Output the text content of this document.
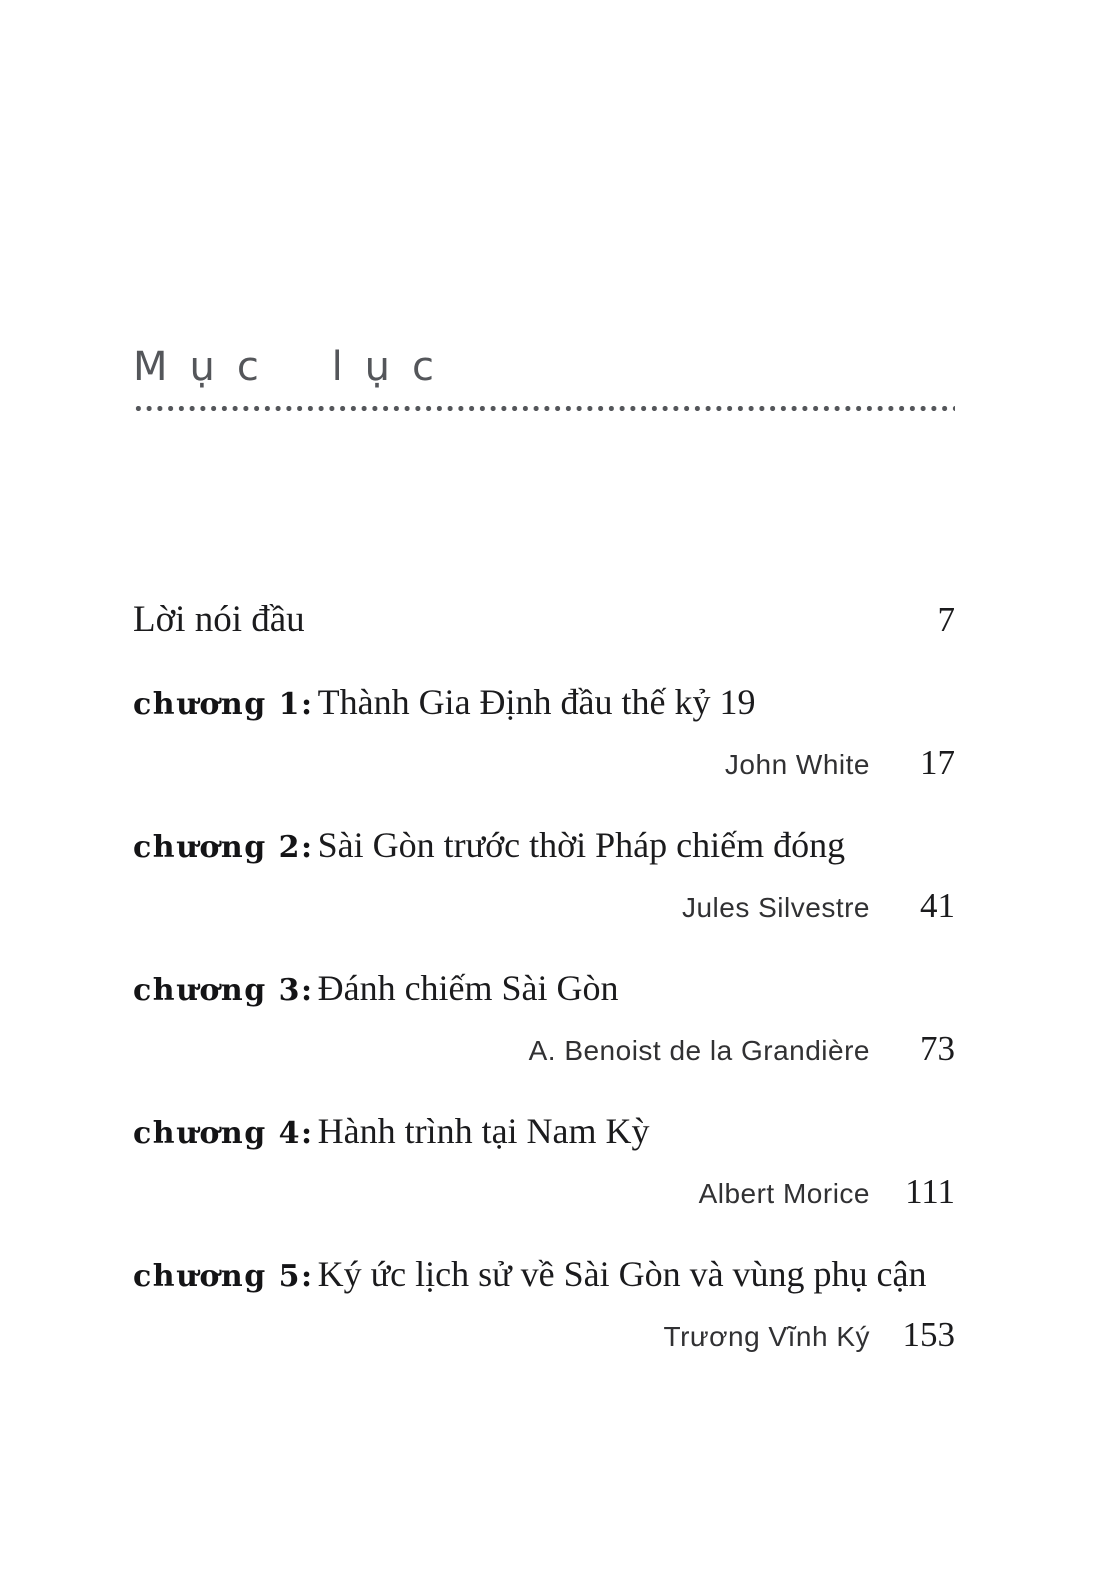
Mục lục
Lời nói đầu	7
chương 1: Thành Gia Định đầu thế kỷ 19
John White	17
chương 2: Sài Gòn trước thời Pháp chiếm đóng
Jules Silvestre	41
chương 3: Đánh chiếm Sài Gòn
A. Benoist de la Grandière	73
chương 4: Hành trình tại Nam Kỳ
Albert Morice	111
chương 5: Ký ức lịch sử về Sài Gòn và vùng phụ cận
Trương Vĩnh Ký 153
